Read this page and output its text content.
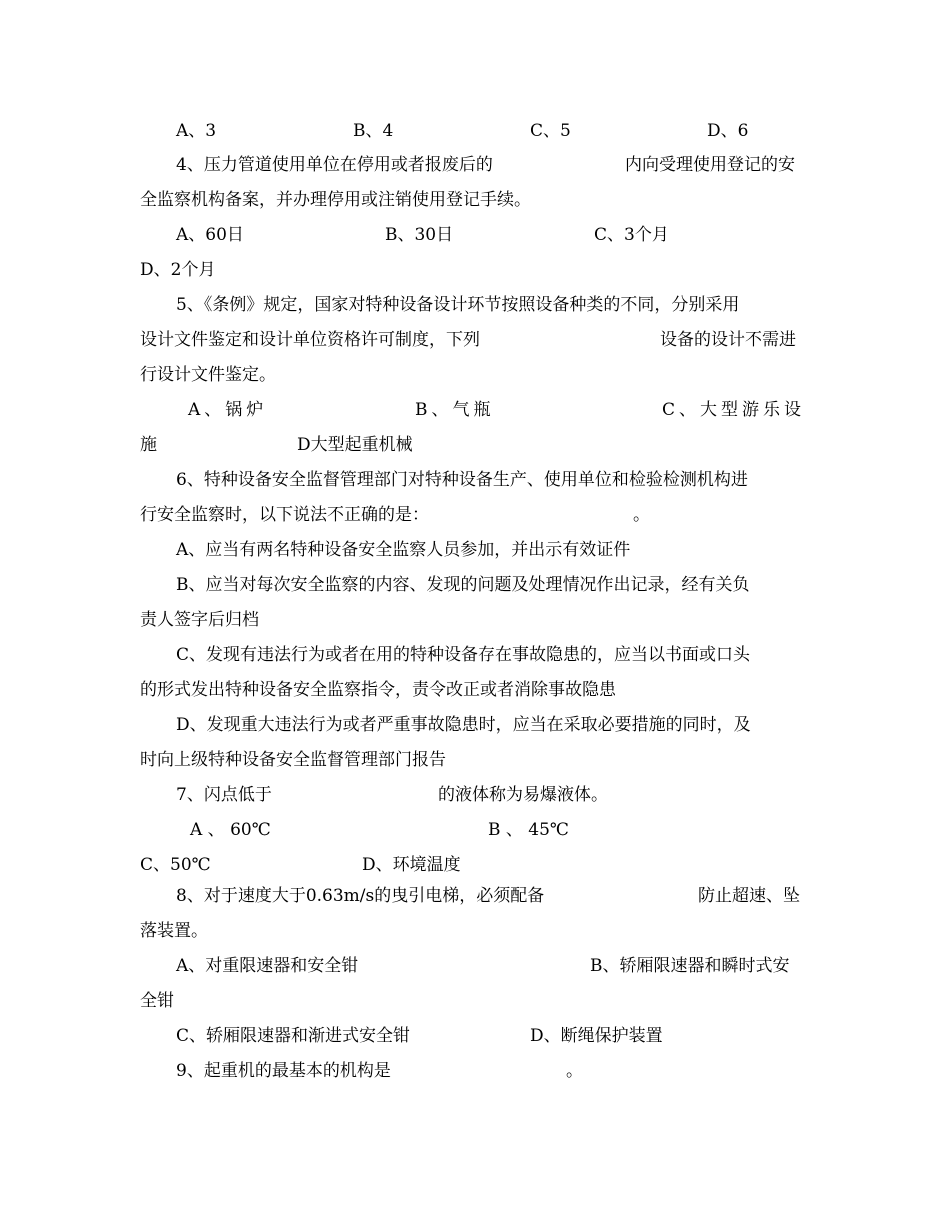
A、3	B、4	C、5	D、6
4、压力管道使用单位在停用或者报废后的	内向受理使用登记的安
全监察机构备案，并办理停用或注销使用登记手续。
A、60日	B、30日	C、3个月
D、2个月
5、《条例》规定，国家对特种设备设计环节按照设备种类的不同，分别采用
设计文件鉴定和设计单位资格许可制度，下列	设备的设计不需进
行设计文件鉴定。
A、锅炉	B、气瓶	C、大型游乐设
施	D大型起重机械
6、特种设备安全监督管理部门对特种设备生产、使用单位和检验检测机构进
行安全监察时，以下说法不正确的是：	。
A、应当有两名特种设备安全监察人员参加，并出示有效证件
B、应当对每次安全监察的内容、发现的问题及处理情况作出记录，经有关负
责人签字后归档
C、发现有违法行为或者在用的特种设备存在事故隐患的，应当以书面或口头
的形式发出特种设备安全监察指令，责令改正或者消除事故隐患
D、发现重大违法行为或者严重事故隐患时，应当在采取必要措施的同时，及
时向上级特种设备安全监督管理部门报告
7、闪点低于	的液体称为易爆液体。
A 、 60℃	B 、 45℃
C、50℃	D、环境温度
8、对于速度大于0.63m/s的曳引电梯，必须配备	防止超速、坠
落装置。
A、对重限速器和安全钳	B、轿厢限速器和瞬时式安
全钳
C、轿厢限速器和渐进式安全钳	D、断绳保护装置
9、起重机的最基本的机构是	。
